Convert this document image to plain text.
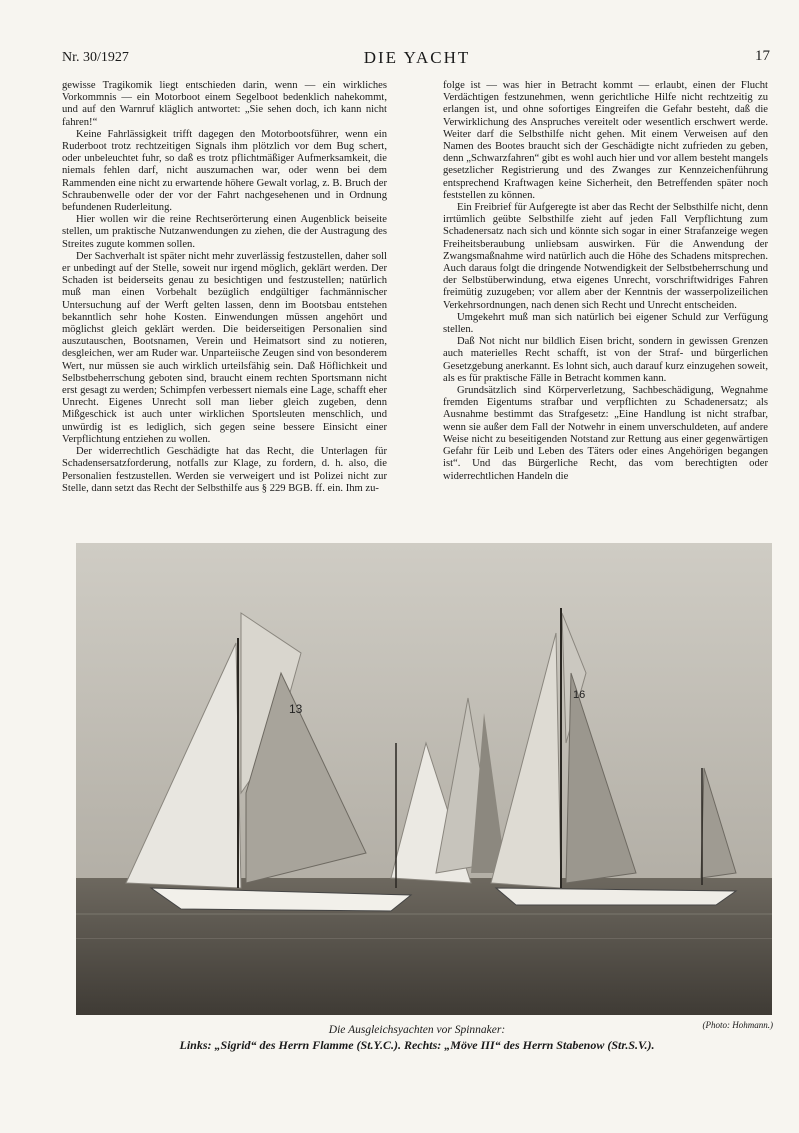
Nr. 30/1927	DIE YACHT	17

gewisse Tragikomik liegt entschieden darin, wenn — ein wirkliches Vorkommnis — ein Motorboot einem Segelboot bedenklich nahekommt, und auf den Warnruf kläglich antwortet: „Sie sehen doch, ich kann nicht fahren!“

Keine Fahrlässigkeit trifft dagegen den Motorbootsführer, wenn ein Ruderboot trotz rechtzeitigen Signals ihm plötzlich vor dem Bug schert, oder unbeleuchtet fuhr, so daß es trotz pflichtmäßiger Aufmerksamkeit, die niemals fehlen darf, nicht auszumachen war, oder wenn bei dem Rammenden eine nicht zu erwartende höhere Gewalt vorlag, z. B. Bruch der Schraubenwelle oder der vor der Fahrt nachgesehenen und in Ordnung befundenen Ruderleitung.

Hier wollen wir die reine Rechtserörterung einen Augenblick beiseite stellen, um praktische Nutzanwendungen zu ziehen, die der Austragung des Streites zugute kommen sollen.

Der Sachverhalt ist später nicht mehr zuverlässig festzustellen, daher soll er unbedingt auf der Stelle, soweit nur irgend möglich, geklärt werden. Der Schaden ist beiderseits genau zu besichtigen und festzustellen; natürlich muß man einen Vorbehalt bezüglich endgültiger fachmännischer Untersuchung auf der Werft gelten lassen, denn im Bootsbau entstehen bekanntlich sehr hohe Kosten. Einwendungen müssen angehört und möglichst gleich geklärt werden. Die beiderseitigen Personalien sind auszutauschen, Bootsnamen, Verein und Heimatsort sind zu notieren, desgleichen, wer am Ruder war. Unparteiische Zeugen sind von besonderem Wert, nur müssen sie auch wirklich urteilsfähig sein. Daß Höflichkeit und Selbstbeherrschung geboten sind, braucht einem rechten Sportsmann nicht erst gesagt zu werden; Schimpfen verbessert niemals eine Lage, schafft eher Unrecht. Eigenes Unrecht soll man lieber gleich zugeben, denn Mißgeschick ist auch unter wirklichen Sportsleuten menschlich, und unwürdig ist es lediglich, sich gegen seine bessere Einsicht einer Verpflichtung entziehen zu wollen.

Der widerrechtlich Geschädigte hat das Recht, die Unterlagen für Schadensersatzforderung, notfalls zur Klage, zu fordern, d. h. also, die Personalien festzustellen. Werden sie verweigert und ist Polizei nicht zur Stelle, dann setzt das Recht der Selbsthilfe aus § 229 BGB. ff. ein. Ihm zu-

folge ist — was hier in Betracht kommt — erlaubt, einen der Flucht Verdächtigen festzunehmen, wenn gerichtliche Hilfe nicht rechtzeitig zu erlangen ist, und ohne sofortiges Eingreifen die Gefahr besteht, daß die Verwirklichung des Anspruches vereitelt oder wesentlich erschwert werde. Weiter darf die Selbsthilfe nicht gehen. Mit einem Verweisen auf den Namen des Bootes braucht sich der Geschädigte nicht zufrieden zu geben, denn „Schwarzfahren“ gibt es wohl auch hier und vor allem besteht mangels gesetzlicher Registrierung und des Zwanges zur Kennzeichenführung entsprechend Kraftwagen keine Sicherheit, den Betreffenden später noch feststellen zu können.

Ein Freibrief für Aufgeregte ist aber das Recht der Selbsthilfe nicht, denn irrtümlich geübte Selbsthilfe zieht auf jeden Fall Verpflichtung zum Schadenersatz nach sich und könnte sich sogar in einer Strafanzeige wegen Freiheitsberaubung unliebsam auswirken. Für die Anwendung der Zwangsmaßnahme wird natürlich auch die Höhe des Schadens mitsprechen. Auch daraus folgt die dringende Notwendigkeit der Selbstbeherrschung und der Selbstüberwindung, etwa eigenes Unrecht, vorschriftwidriges Fahren freimütig zuzugeben; vor allem aber der Kenntnis der wasserpolizeilichen Verkehrsordnungen, nach denen sich Recht und Unrecht entscheiden.

Umgekehrt muß man sich natürlich bei eigener Schuld zur Verfügung stellen.

Daß Not nicht nur bildlich Eisen bricht, sondern in gewissen Grenzen auch materielles Recht schafft, ist von der Straf- und bürgerlichen Gesetzgebung anerkannt. Es lohnt sich, auch darauf kurz einzugehen soweit, als es für praktische Fälle in Betracht kommen kann.

Grundsätzlich sind Körperverletzung, Sachbeschädigung, Wegnahme fremden Eigentums strafbar und verpflichten zu Schadenersatz; als Ausnahme bestimmt das Strafgesetz: „Eine Handlung ist nicht strafbar, wenn sie außer dem Fall der Notwehr in einem unverschuldeten, auf andere Weise nicht zu beseitigenden Notstand zur Rettung aus einer gegenwärtigen Gefahr für Leib und Leben des Täters oder eines Angehörigen begangen ist“. Und das Bürgerliche Recht, das vom berechtigten oder widerrechtlichen Handeln die

13
16
(Photo: Hohmann.)
Die Ausgleichsyachten vor Spinnaker:
Links: „Sigrid“ des Herrn Flamme (St.Y.C.). Rechts: „Möve III“ des Herrn Stabenow (Str.S.V.).
